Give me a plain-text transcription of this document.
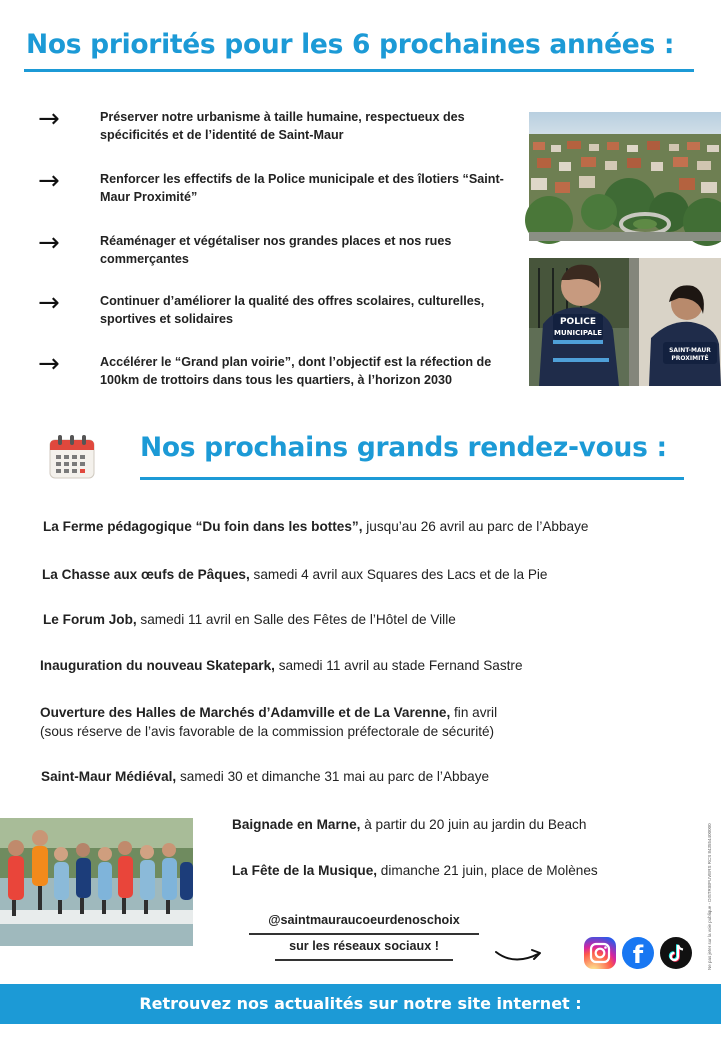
Nos priorités pour les 6 prochaines années :
→	Préserver notre urbanisme à taille humaine, respectueux des spécificités et de l’identité de Saint-Maur
→	Renforcer les effectifs de la Police municipale et des îlotiers “Saint-Maur Proximité”
→	Réaménager et végétaliser nos grandes places et nos rues commerçantes
→	Continuer d’améliorer la qualité des offres scolaires, culturelles, sportives et solidaires
→	Accélérer le “Grand plan voirie”, dont l’objectif est la réfection de 100km de trottoirs dans tous les quartiers, à l’horizon 2030
POLICE
MUNICIPALE
SAINT-MAUR
PROXIMITÉ
Nos prochains grands rendez-vous :
La Ferme pédagogique “Du foin dans les bottes”, jusqu’au 26 avril au parc de l’Abbaye
La Chasse aux œufs de Pâques, samedi 4 avril aux Squares des Lacs et de la Pie
Le Forum Job, samedi 11 avril en Salle des Fêtes de l’Hôtel de Ville
Inauguration du nouveau Skatepark, samedi 11 avril au stade Fernand Sastre
Ouverture des Halles de Marchés d’Adamville et de La Varenne, fin avril
(sous réserve de l’avis favorable de la commission préfectorale de sécurité)
Saint-Maur Médiéval, samedi 30 et dimanche 31 mai au parc de l’Abbaye
Baignade en Marne, à partir du 20 juin au jardin du Beach
La Fête de la Musique, dimanche 21 juin, place de Molènes
@saintmauraucoeurdenoschoix
sur les réseaux sociaux !	f	Ne pas jeter sur la voie publique - DISTRIBPUVERS RCS 843554400000
Retrouvez nos actualités sur notre site internet : saintmauraucoeurdenoschoix.fr
